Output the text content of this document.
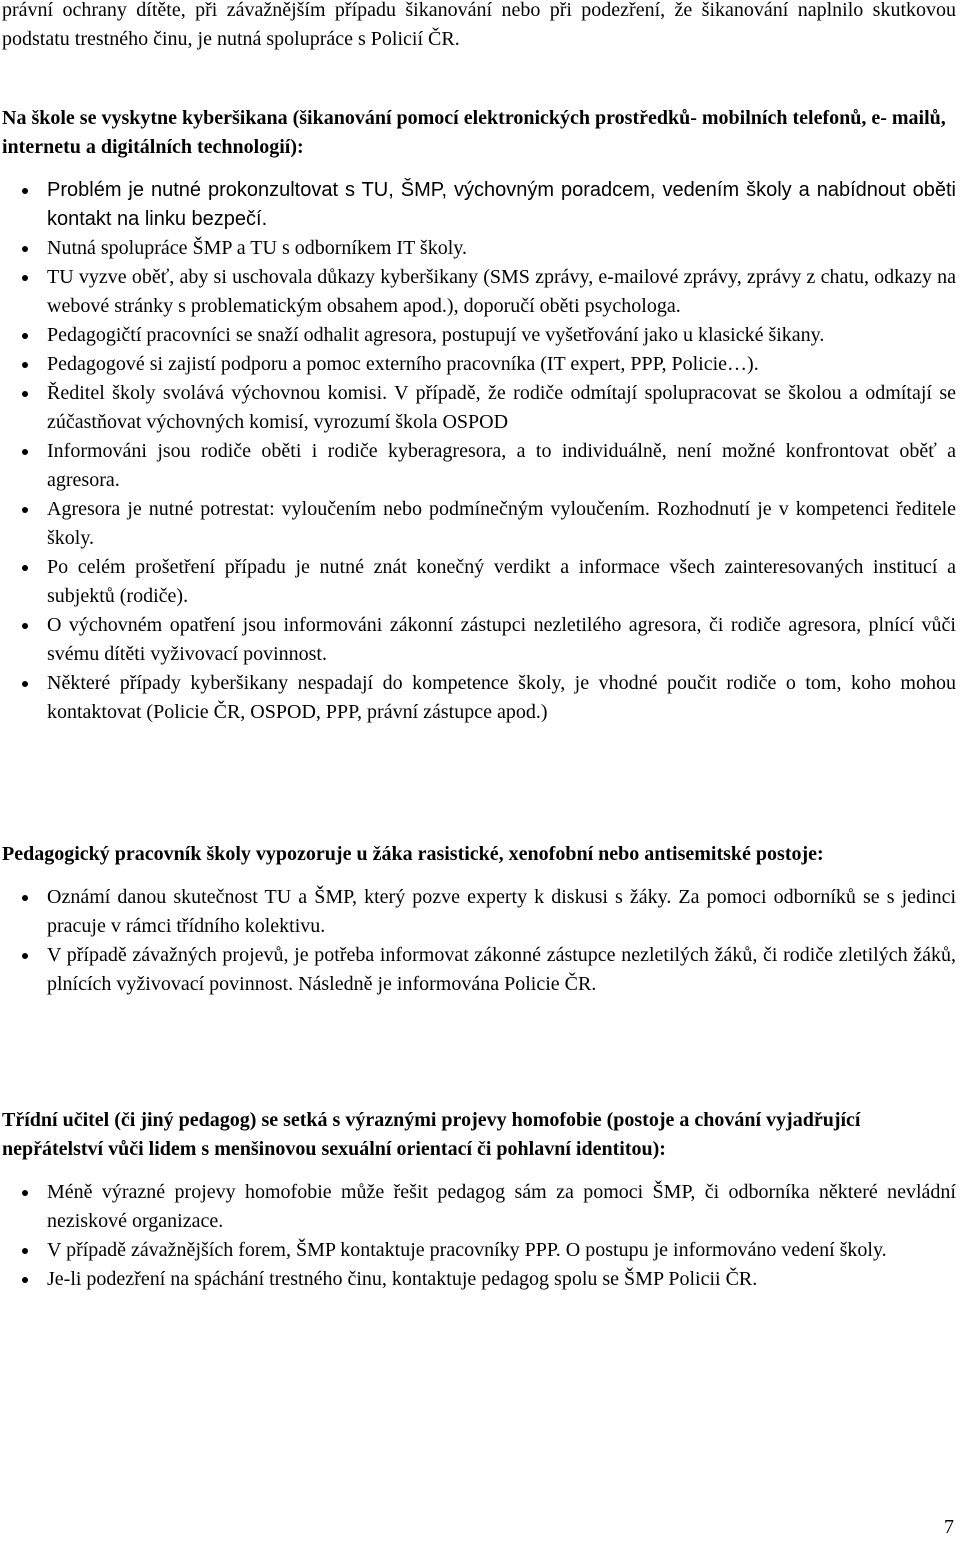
právní ochrany dítěte, při závažnějším případu šikanování nebo při podezření, že šikanování naplnilo skutkovou podstatu trestného činu, je nutná spolupráce s Policií ČR.

Na škole se vyskytne kyberšikana (šikanování pomocí elektronických prostředků- mobilních telefonů, e- mailů, internetu a digitálních technologií):

Problém je nutné prokonzultovat s TU, ŠMP, výchovným poradcem, vedením školy a nabídnout oběti kontakt na linku bezpečí.
Nutná spolupráce ŠMP a TU s odborníkem IT školy.
TU vyzve oběť, aby si uschovala důkazy kyberšikany (SMS zprávy, e-mailové zprávy, zprávy z chatu, odkazy na webové stránky s problematickým obsahem apod.), doporučí oběti psychologa.
Pedagogičtí pracovníci se snaží odhalit agresora, postupují ve vyšetřování jako u klasické šikany.
Pedagogové si zajistí podporu a pomoc externího pracovníka (IT expert, PPP, Policie…).
Ředitel školy svolává výchovnou komisi. V případě, že rodiče odmítají spolupracovat se školou a odmítají se zúčastňovat výchovných komisí, vyrozumí škola OSPOD
Informováni jsou rodiče oběti i rodiče kyberagresora, a to individuálně, není možné konfrontovat oběť a agresora.
Agresora je nutné potrestat: vyloučením nebo podmínečným vyloučením. Rozhodnutí je v kompetenci ředitele školy.
Po celém prošetření případu je nutné znát konečný verdikt a informace všech zainteresovaných institucí a subjektů (rodiče).
O výchovném opatření jsou informováni zákonní zástupci nezletilého agresora, či rodiče agresora, plnící vůči svému dítěti vyživovací povinnost.
Některé případy kyberšikany nespadají do kompetence školy, je vhodné poučit rodiče o tom, koho mohou kontaktovat (Policie ČR, OSPOD, PPP, právní zástupce apod.)

Pedagogický pracovník školy vypozoruje u žáka rasistické, xenofobní nebo antisemitské postoje:

Oznámí danou skutečnost TU a ŠMP, který pozve experty k diskusi s žáky. Za pomoci odborníků se s jedinci pracuje v rámci třídního kolektivu.
V případě závažných projevů, je potřeba informovat zákonné zástupce nezletilých žáků, či rodiče zletilých žáků, plnících vyživovací povinnost. Následně je informována Policie ČR.

Třídní učitel (či jiný pedagog) se setká s výraznými projevy homofobie (postoje a chování vyjadřující nepřátelství vůči lidem s menšinovou sexuální orientací či pohlavní identitou):

Méně výrazné projevy homofobie může řešit pedagog sám za pomoci ŠMP, či odborníka některé nevládní neziskové organizace.
V případě závažnějších forem, ŠMP kontaktuje pracovníky PPP. O postupu je informováno vedení školy.
Je-li podezření na spáchání trestného činu, kontaktuje pedagog spolu se ŠMP Policii ČR.
7
